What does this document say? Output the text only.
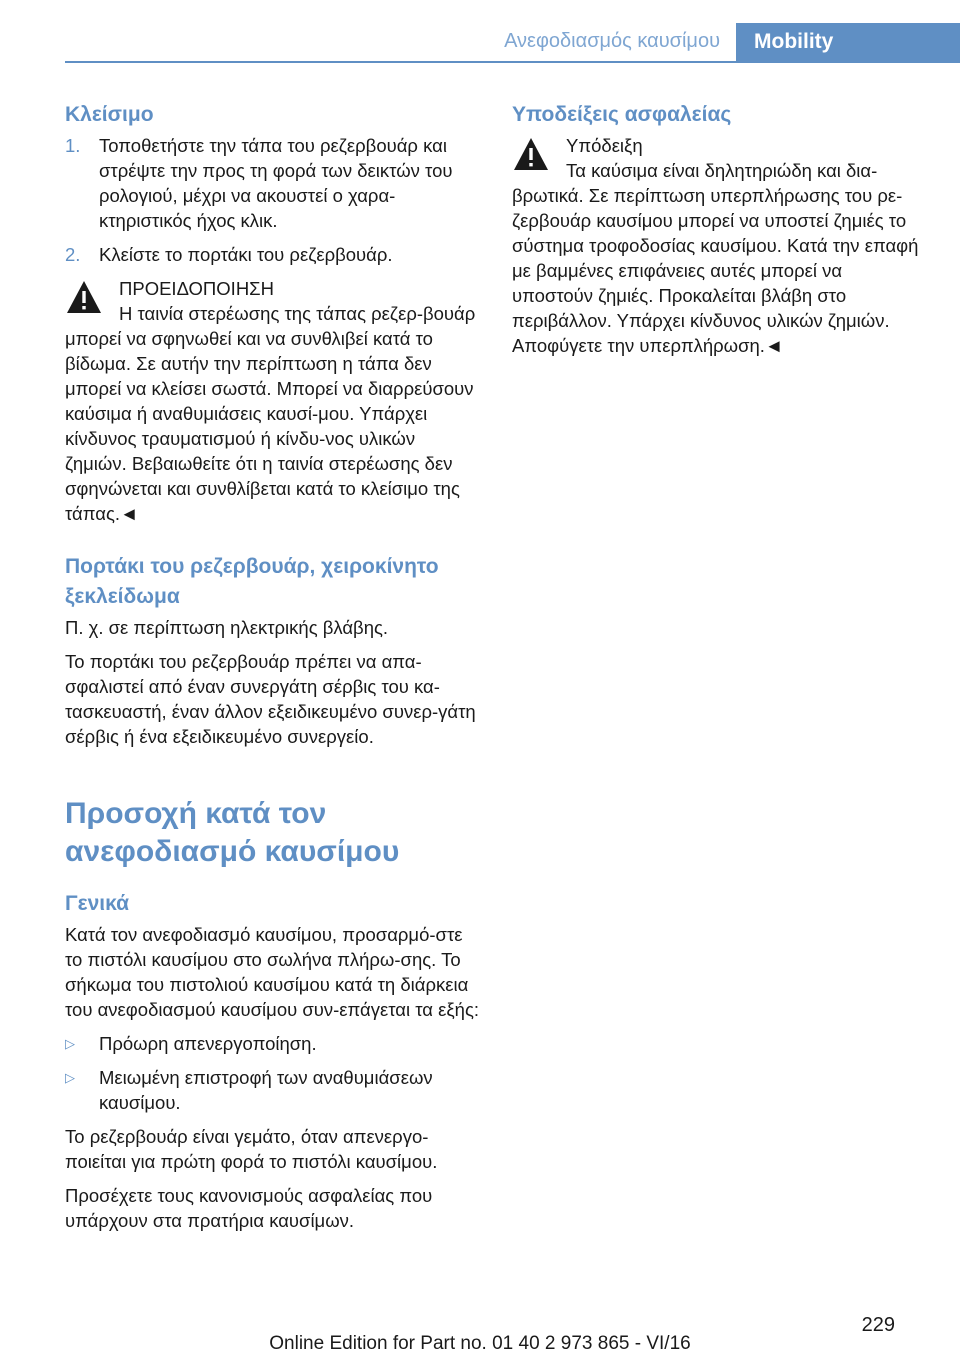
Ανεφοδιασμός καυσίμου Mobility
Κλείσιμο
1. Τοποθετήστε την τάπα του ρεζερβουάρ και στρέψτε την προς τη φορά των δεικτών του ρολογιού, μέχρι να ακουστεί ο χαρα‐κτηριστικός ήχος κλικ.
2. Κλείστε το πορτάκι του ρεζερβουάρ.
ΠΡΟΕΙΔΟΠΟΙΗΣΗ
Η ταινία στερέωσης της τάπας ρεζερ‐βουάρ μπορεί να σφηνωθεί και να συνθλιβεί κατά το βίδωμα. Σε αυτήν την περίπτωση η τάπα δεν μπορεί να κλείσει σωστά. Μπορεί να διαρρεύσουν καύσιμα ή αναθυμιάσεις καυσί‐μου. Υπάρχει κίνδυνος τραυματισμού ή κίνδυ‐νος υλικών ζημιών. Βεβαιωθείτε ότι η ταινία στερέωσης δεν σφηνώνεται και συνθλίβεται κατά το κλείσιμο της τάπας.◄
Πορτάκι του ρεζερβουάρ, χειροκίνητο ξεκλείδωμα

Π. χ. σε περίπτωση ηλεκτρικής βλάβης.

Το πορτάκι του ρεζερβουάρ πρέπει να απα‐σφαλιστεί από έναν συνεργάτη σέρβις του κα‐τασκευαστή, έναν άλλον εξειδικευμένο συνερ‐γάτη σέρβις ή ένα εξειδικευμένο συνεργείο.

Προσοχή κατά τον ανεφοδιασμό καυσίμου
Γενικά

Κατά τον ανεφοδιασμό καυσίμου, προσαρμό‐στε το πιστόλι καυσίμου στο σωλήνα πλήρω‐σης. Το σήκωμα του πιστολιού καυσίμου κατά τη διάρκεια του ανεφοδιασμού καυσίμου συν‐επάγεται τα εξής:

▷ Πρόωρη απενεργοποίηση.
▷ Μειωμένη επιστροφή των αναθυμιάσεων καυσίμου.

Το ρεζερβουάρ είναι γεμάτο, όταν απενεργο‐ποιείται για πρώτη φορά το πιστόλι καυσίμου.

Προσέχετε τους κανονισμούς ασφαλείας που υπάρχουν στα πρατήρια καυσίμων.

Υποδείξεις ασφαλείας
Υπόδειξη
Τα καύσιμα είναι δηλητηριώδη και δια‐βρωτικά. Σε περίπτωση υπερπλήρωσης του ρε‐ζερβουάρ καυσίμου μπορεί να υποστεί ζημιές το σύστημα τροφοδοσίας καυσίμου. Κατά την επαφή με βαμμένες επιφάνειες αυτές μπορεί να υποστούν ζημιές. Προκαλείται βλάβη στο περιβάλλον. Υπάρχει κίνδυνος υλικών ζημιών. Αποφύγετε την υπερπλήρωση.◄
229
Online Edition for Part no. 01 40 2 973 865 - VI/16
